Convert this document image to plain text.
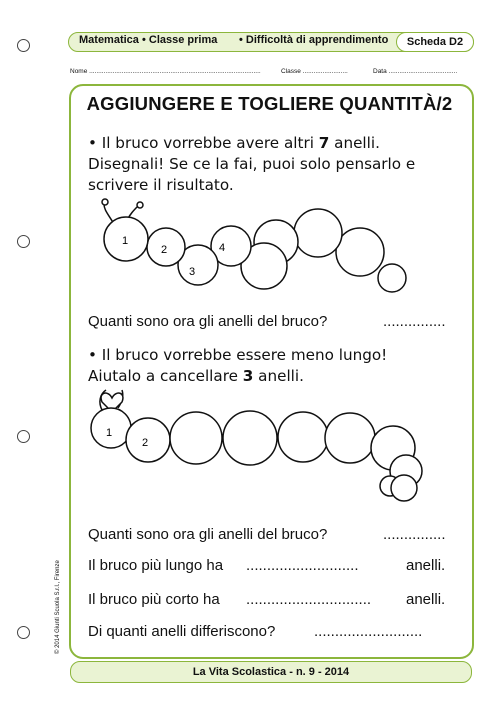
Matematica • Classe prima • Difficoltà di apprendimento	Scheda D2
Nome ...............................................................................................	Classe .........................	Data ......................................
AGGIUNGERE E TOGLIERE QUANTITÀ/2
• Il bruco vorrebbe avere altri 7 anelli.
Disegnali! Se ce la fai, puoi solo pensarlo e
scrivere il risultato.
1
2
3
4
Quanti sono ora gli anelli del bruco?	...............
• Il bruco vorrebbe essere meno lungo!
Aiutalo a cancellare 3 anelli.
1
2
Quanti sono ora gli anelli del bruco?	...............
Il bruco più lungo ha ...........................	anelli.
Il bruco più corto ha .............................. anelli.
Di quanti anelli differiscono?	..........................
© 2014 Giunti Scuola S.r.l., Firenze
La Vita Scolastica - n. 9 - 2014
